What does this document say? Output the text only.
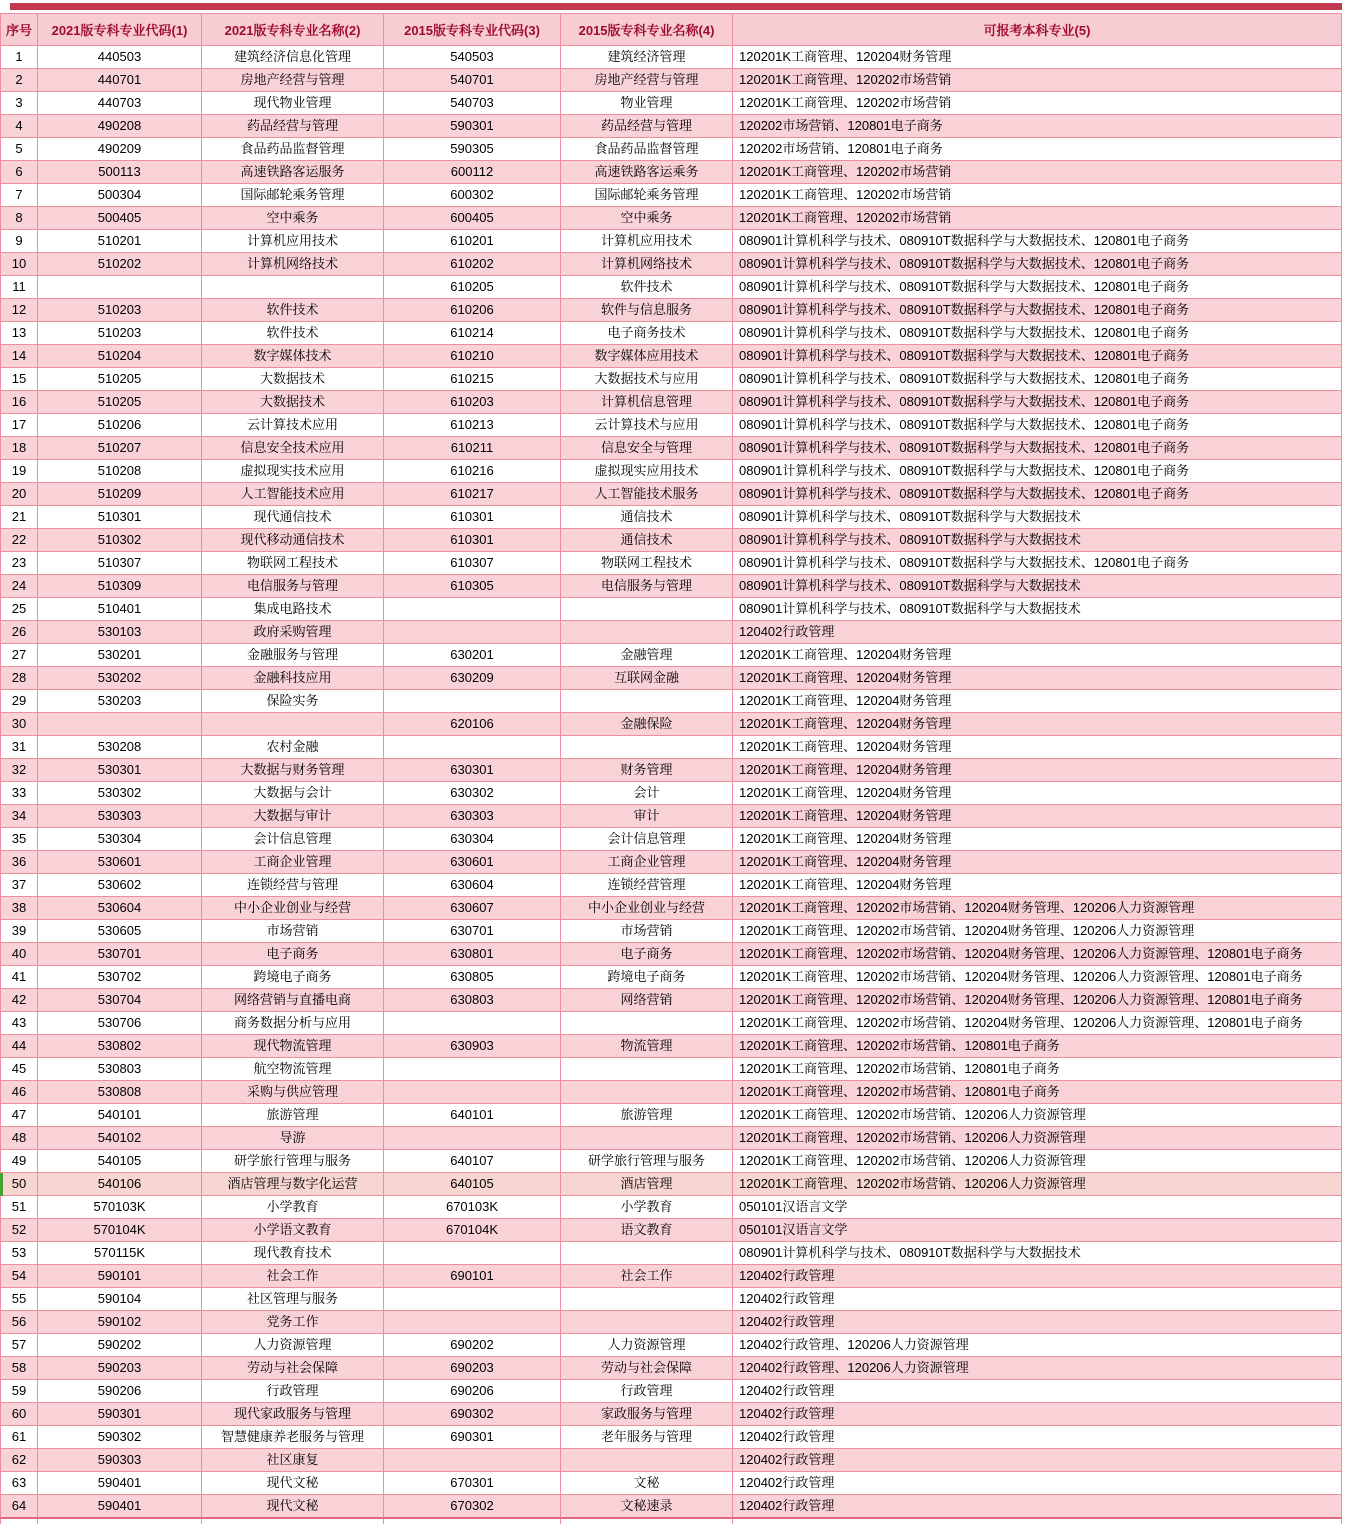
序号	2021版专科专业代码(1)	2021版专科专业名称(2)	2015版专科专业代码(3)	2015版专科专业名称(4)	可报考本科专业(5)
1	440503	建筑经济信息化管理	540503	建筑经济管理	120201K工商管理、120204财务管理
2	440701	房地产经营与管理	540701	房地产经营与管理	120201K工商管理、120202市场营销
3	440703	现代物业管理	540703	物业管理	120201K工商管理、120202市场营销
4	490208	药品经营与管理	590301	药品经营与管理	120202市场营销、120801电子商务
5	490209	食品药品监督管理	590305	食品药品监督管理	120202市场营销、120801电子商务
6	500113	高速铁路客运服务	600112	高速铁路客运乘务	120201K工商管理、120202市场营销
7	500304	国际邮轮乘务管理	600302	国际邮轮乘务管理	120201K工商管理、120202市场营销
8	500405	空中乘务	600405	空中乘务	120201K工商管理、120202市场营销
9	510201	计算机应用技术	610201	计算机应用技术	080901计算机科学与技术、080910T数据科学与大数据技术、120801电子商务
10	510202	计算机网络技术	610202	计算机网络技术	080901计算机科学与技术、080910T数据科学与大数据技术、120801电子商务
11			610205	软件技术	080901计算机科学与技术、080910T数据科学与大数据技术、120801电子商务
12	510203	软件技术	610206	软件与信息服务	080901计算机科学与技术、080910T数据科学与大数据技术、120801电子商务
13	510203	软件技术	610214	电子商务技术	080901计算机科学与技术、080910T数据科学与大数据技术、120801电子商务
14	510204	数字媒体技术	610210	数字媒体应用技术	080901计算机科学与技术、080910T数据科学与大数据技术、120801电子商务
15	510205	大数据技术	610215	大数据技术与应用	080901计算机科学与技术、080910T数据科学与大数据技术、120801电子商务
16	510205	大数据技术	610203	计算机信息管理	080901计算机科学与技术、080910T数据科学与大数据技术、120801电子商务
17	510206	云计算技术应用	610213	云计算技术与应用	080901计算机科学与技术、080910T数据科学与大数据技术、120801电子商务
18	510207	信息安全技术应用	610211	信息安全与管理	080901计算机科学与技术、080910T数据科学与大数据技术、120801电子商务
19	510208	虚拟现实技术应用	610216	虚拟现实应用技术	080901计算机科学与技术、080910T数据科学与大数据技术、120801电子商务
20	510209	人工智能技术应用	610217	人工智能技术服务	080901计算机科学与技术、080910T数据科学与大数据技术、120801电子商务
21	510301	现代通信技术	610301	通信技术	080901计算机科学与技术、080910T数据科学与大数据技术
22	510302	现代移动通信技术	610301	通信技术	080901计算机科学与技术、080910T数据科学与大数据技术
23	510307	物联网工程技术	610307	物联网工程技术	080901计算机科学与技术、080910T数据科学与大数据技术、120801电子商务
24	510309	电信服务与管理	610305	电信服务与管理	080901计算机科学与技术、080910T数据科学与大数据技术
25	510401	集成电路技术			080901计算机科学与技术、080910T数据科学与大数据技术
26	530103	政府采购管理			120402行政管理
27	530201	金融服务与管理	630201	金融管理	120201K工商管理、120204财务管理
28	530202	金融科技应用	630209	互联网金融	120201K工商管理、120204财务管理
29	530203	保险实务			120201K工商管理、120204财务管理
30			620106	金融保险	120201K工商管理、120204财务管理
31	530208	农村金融			120201K工商管理、120204财务管理
32	530301	大数据与财务管理	630301	财务管理	120201K工商管理、120204财务管理
33	530302	大数据与会计	630302	会计	120201K工商管理、120204财务管理
34	530303	大数据与审计	630303	审计	120201K工商管理、120204财务管理
35	530304	会计信息管理	630304	会计信息管理	120201K工商管理、120204财务管理
36	530601	工商企业管理	630601	工商企业管理	120201K工商管理、120204财务管理
37	530602	连锁经营与管理	630604	连锁经营管理	120201K工商管理、120204财务管理
38	530604	中小企业创业与经营	630607	中小企业创业与经营	120201K工商管理、120202市场营销、120204财务管理、120206人力资源管理
39	530605	市场营销	630701	市场营销	120201K工商管理、120202市场营销、120204财务管理、120206人力资源管理
40	530701	电子商务	630801	电子商务	120201K工商管理、120202市场营销、120204财务管理、120206人力资源管理、120801电子商务
41	530702	跨境电子商务	630805	跨境电子商务	120201K工商管理、120202市场营销、120204财务管理、120206人力资源管理、120801电子商务
42	530704	网络营销与直播电商	630803	网络营销	120201K工商管理、120202市场营销、120204财务管理、120206人力资源管理、120801电子商务
43	530706	商务数据分析与应用			120201K工商管理、120202市场营销、120204财务管理、120206人力资源管理、120801电子商务
44	530802	现代物流管理	630903	物流管理	120201K工商管理、120202市场营销、120801电子商务
45	530803	航空物流管理			120201K工商管理、120202市场营销、120801电子商务
46	530808	采购与供应管理			120201K工商管理、120202市场营销、120801电子商务
47	540101	旅游管理	640101	旅游管理	120201K工商管理、120202市场营销、120206人力资源管理
48	540102	导游			120201K工商管理、120202市场营销、120206人力资源管理
49	540105	研学旅行管理与服务	640107	研学旅行管理与服务	120201K工商管理、120202市场营销、120206人力资源管理
50	540106	酒店管理与数字化运营	640105	酒店管理	120201K工商管理、120202市场营销、120206人力资源管理
51	570103K	小学教育	670103K	小学教育	050101汉语言文学
52	570104K	小学语文教育	670104K	语文教育	050101汉语言文学
53	570115K	现代教育技术			080901计算机科学与技术、080910T数据科学与大数据技术
54	590101	社会工作	690101	社会工作	120402行政管理
55	590104	社区管理与服务			120402行政管理
56	590102	党务工作			120402行政管理
57	590202	人力资源管理	690202	人力资源管理	120402行政管理、120206人力资源管理
58	590203	劳动与社会保障	690203	劳动与社会保障	120402行政管理、120206人力资源管理
59	590206	行政管理	690206	行政管理	120402行政管理
60	590301	现代家政服务与管理	690302	家政服务与管理	120402行政管理
61	590302	智慧健康养老服务与管理	690301	老年服务与管理	120402行政管理
62	590303	社区康复			120402行政管理
63	590401	现代文秘	670301	文秘	120402行政管理
64	590401	现代文秘	670302	文秘速录	120402行政管理
